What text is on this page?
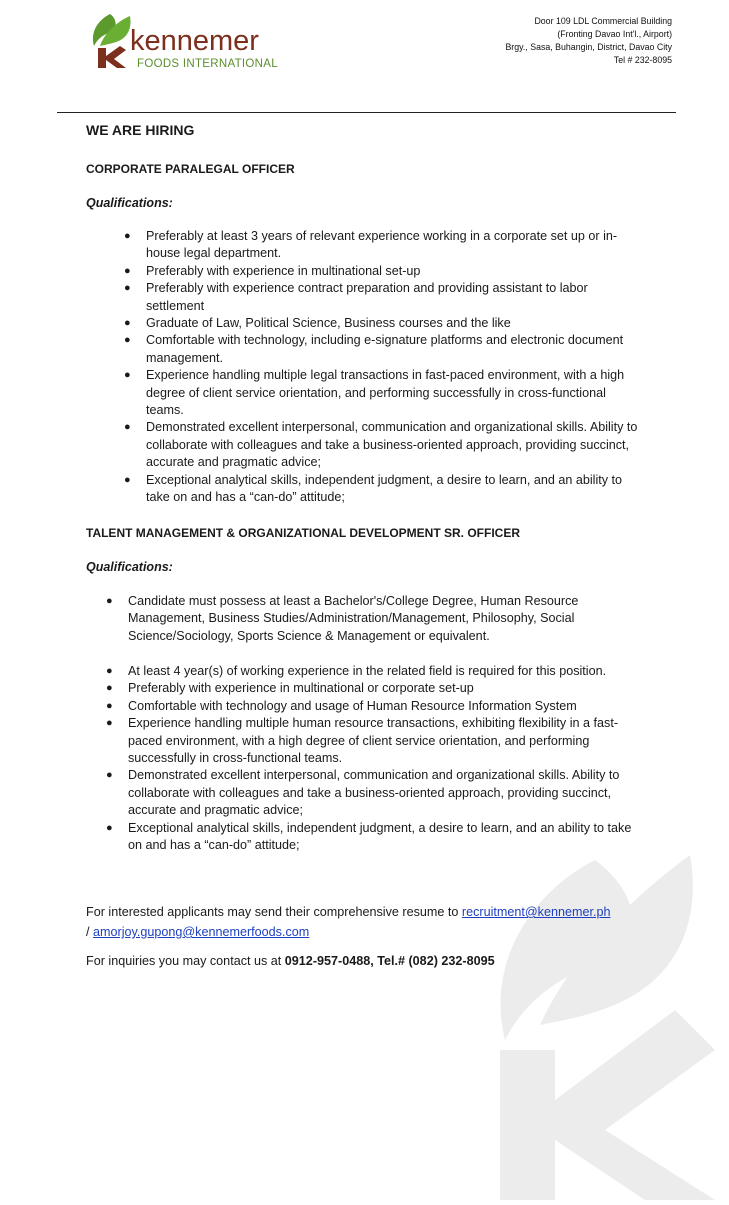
kennemer
FOODS INTERNATIONAL
Door 109 LDL Commercial Building
(Fronting Davao Int'l., Airport)
Brgy., Sasa, Buhangin, District, Davao City
Tel # 232-8095
WE ARE HIRING
CORPORATE PARALEGAL OFFICER
Qualifications:
● Preferably at least 3 years of relevant experience working in a corporate set up or in-house legal department.
● Preferably with experience in multinational set-up
● Preferably with experience contract preparation and providing assistant to labor settlement
● Graduate of Law, Political Science, Business courses and the like
● Comfortable with technology, including e-signature platforms and electronic document management.
● Experience handling multiple legal transactions in fast-paced environment, with a high degree of client service orientation, and performing successfully in cross-functional teams.
● Demonstrated excellent interpersonal, communication and organizational skills. Ability to collaborate with colleagues and take a business-oriented approach, providing succinct, accurate and pragmatic advice;
● Exceptional analytical skills, independent judgment, a desire to learn, and an ability to take on and has a “can-do” attitude;
TALENT MANAGEMENT & ORGANIZATIONAL DEVELOPMENT SR. OFFICER
Qualifications:
● Candidate must possess at least a Bachelor's/College Degree, Human Resource Management, Business Studies/Administration/Management, Philosophy, Social Science/Sociology, Sports Science & Management or equivalent.
● At least 4 year(s) of working experience in the related field is required for this position.
● Preferably with experience in multinational or corporate set-up
● Comfortable with technology and usage of Human Resource Information System
● Experience handling multiple human resource transactions, exhibiting flexibility in a fast-paced environment, with a high degree of client service orientation, and performing successfully in cross-functional teams.
● Demonstrated excellent interpersonal, communication and organizational skills. Ability to collaborate with colleagues and take a business-oriented approach, providing succinct, accurate and pragmatic advice;
● Exceptional analytical skills, independent judgment, a desire to learn, and an ability to take on and has a “can-do” attitude;
For interested applicants may send their comprehensive resume to recruitment@kennemer.ph
/ amorjoy.gupong@kennemerfoods.com
For inquiries you may contact us at 0912-957-0488, Tel.# (082) 232-8095
